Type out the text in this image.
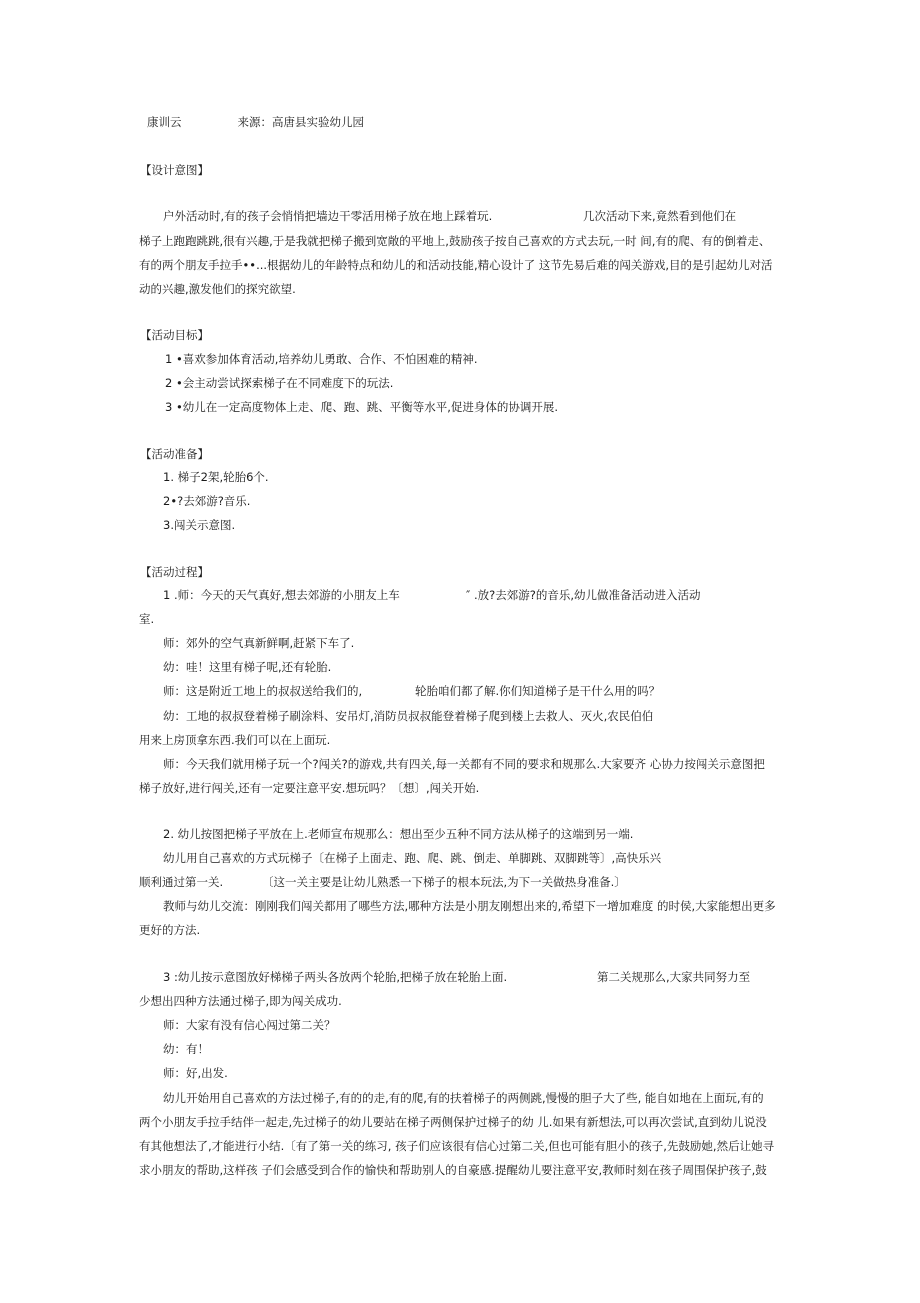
康训云	来源：高唐县实验幼儿园
【设计意图】
户外活动时,有的孩子会悄悄把墙边干零活用梯子放在地上踩着玩.	几次活动下来,竟然看到他们在
梯子上跑跑跳跳,很有兴趣,于是我就把梯子搬到宽敞的平地上,鼓励孩子按自己喜欢的方式去玩,一时 间,有的爬、有的倒着走、
有的两个朋友手拉手••...根据幼儿的年龄特点和幼儿的和活动技能,精心设计了 这节先易后难的闯关游戏,目的是引起幼儿对活
动的兴趣,激发他们的探究欲望.
【活动目标】
1 •喜欢参加体育活动,培养幼儿勇敢、合作、不怕困难的精神.
2 •会主动尝试探索梯子在不同难度下的玩法.
3 •幼儿在一定高度物体上走、爬、跑、跳、平衡等水平,促进身体的协调开展.
【活动准备】
1. 梯子2架,轮胎6个.
2•?去郊游?音乐.
3.闯关示意图.
【活动过程】
1 .师：今天的天气真好,想去郊游的小朋友上车	″ .放?去郊游?的音乐,幼儿做准备活动进入活动
室.
师：郊外的空气真新鲜啊,赶紧下车了.
幼：哇！这里有梯子呢,还有轮胎.
师：这是附近工地上的叔叔送给我们的,	轮胎咱们都了解.你们知道梯子是干什么用的吗？
幼：工地的叔叔登着梯子刷涂料、安吊灯,消防员叔叔能登着梯子爬到楼上去救人、灭火,农民伯伯
用来上房顶拿东西.我们可以在上面玩.
师：今天我们就用梯子玩一个?闯关?的游戏,共有四关,每一关都有不同的要求和规那么.大家要齐 心协力按闯关示意图把
梯子放好,进行闯关,还有一定要注意平安.想玩吗？〔想〕,闯关开始.
2. 幼儿按图把梯子平放在上.老师宣布规那么：想出至少五种不同方法从梯子的这端到另一端.
幼儿用自己喜欢的方式玩梯子〔在梯子上面走、跑、爬、跳、倒走、单脚跳、双脚跳等〕,高快乐兴
顺利通过第一关.	〔这一关主要是让幼儿熟悉一下梯子的根本玩法,为下一关做热身准备.〕
教师与幼儿交流：刚刚我们闯关都用了哪些方法,哪种方法是小朋友刚想出来的,希望下一增加难度 的时侯,大家能想出更多
更好的方法.
3 :幼儿按示意图放好梯梯子两头各放两个轮胎,把梯子放在轮胎上面.	第二关规那么,大家共同努力至
少想出四种方法通过梯子,即为闯关成功.
师：大家有没有信心闯过第二关？
幼：有！
师：好,出发.
幼儿开始用自己喜欢的方法过梯子,有的的走,有的爬,有的扶着梯子的两侧跳,慢慢的胆子大了些, 能自如地在上面玩,有的
两个小朋友手拉手结伴一起走,先过梯子的幼儿要站在梯子两侧保护过梯子的幼 儿.如果有新想法,可以再次尝试,直到幼儿说没
有其他想法了,才能进行小结.〔有了第一关的练习, 孩子们应该很有信心过第二关,但也可能有胆小的孩子,先鼓励她,然后让她寻
求小朋友的帮助,这样孩 子们会感受到合作的愉快和帮助别人的自豪感.提醒幼儿要注意平安,教师时刻在孩子周围保护孩子,鼓
